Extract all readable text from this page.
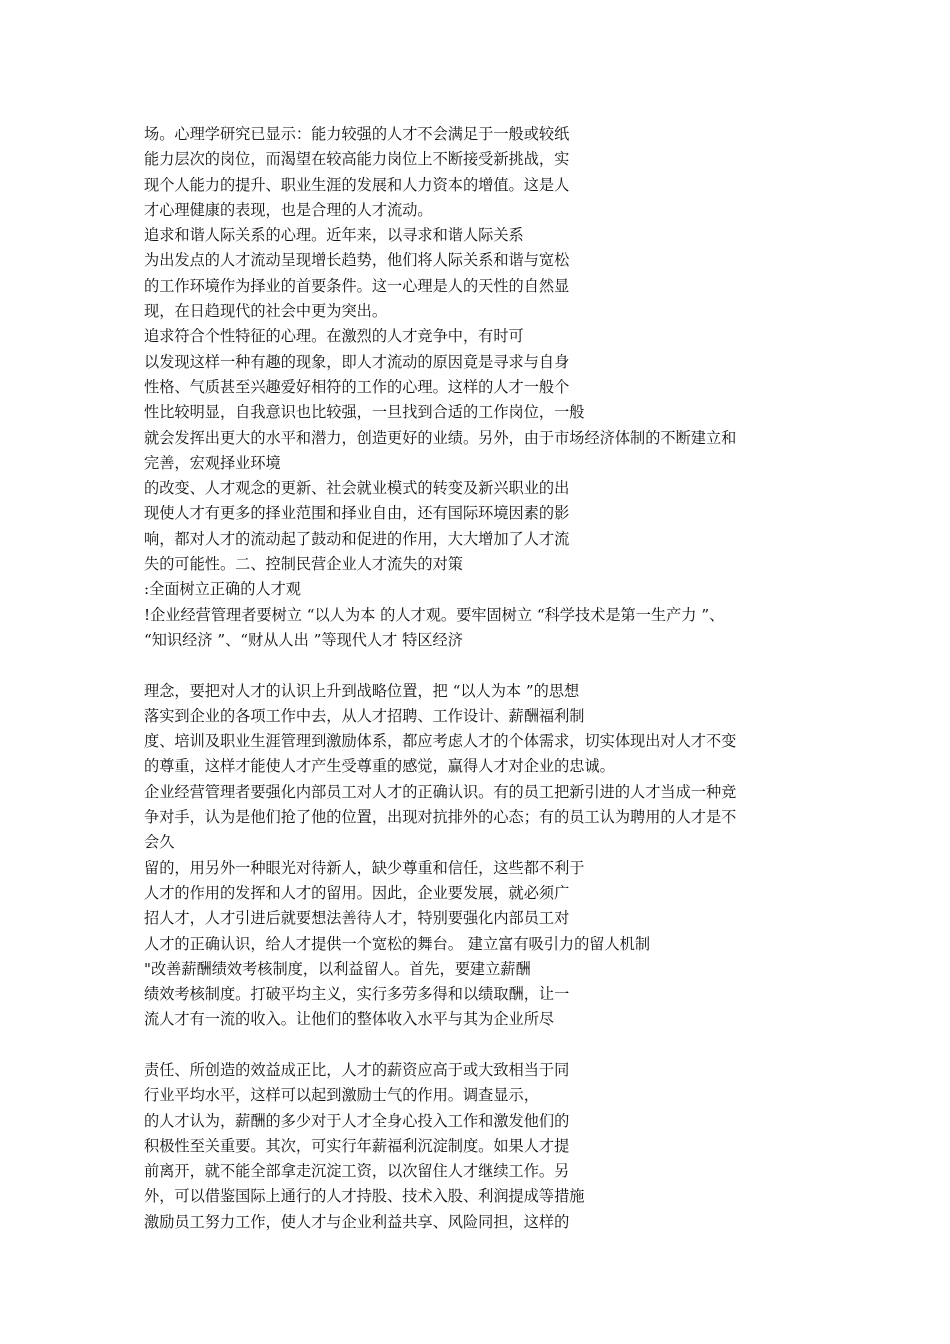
场。心理学研究已显示：能力较强的人才不会满足于一般或较纸
能力层次的岗位，而渴望在较高能力岗位上不断接受新挑战，实
现个人能力的提升、职业生涯的发展和人力资本的增值。这是人
才心理健康的表现，也是合理的人才流动。
追求和谐人际关系的心理。近年来，以寻求和谐人际关系
为出发点的人才流动呈现增长趋势，他们将人际关系和谐与宽松
的工作环境作为择业的首要条件。这一心理是人的天性的自然显
现，在日趋现代的社会中更为突出。
追求符合个性特征的心理。在激烈的人才竞争中，有时可
以发现这样一种有趣的现象，即人才流动的原因竟是寻求与自身
性格、气质甚至兴趣爱好相符的工作的心理。这样的人才一般个
性比较明显，自我意识也比较强，一旦找到合适的工作岗位，一般
就会发挥出更大的水平和潜力，创造更好的业绩。另外，由于市场经济体制的不断建立和
完善，宏观择业环境
的改变、人才观念的更新、社会就业模式的转变及新兴职业的出
现使人才有更多的择业范围和择业自由，还有国际环境因素的影
响，都对人才的流动起了鼓动和促进的作用，大大增加了人才流
失的可能性。二、控制民营企业人才流失的对策
:全面树立正确的人才观
!企业经营管理者要树立 “以人为本 的人才观。要牢固树立 “科学技术是第一生产力 ”、
“知识经济 ”、“财从人出 ”等现代人才 特区经济
理念，要把对人才的认识上升到战略位置，把 “以人为本 ”的思想
落实到企业的各项工作中去，从人才招聘、工作设计、薪酬福利制
度、培训及职业生涯管理到激励体系，都应考虑人才的个体需求，切实体现出对人才不变
的尊重，这样才能使人才产生受尊重的感觉，赢得人才对企业的忠诚。
企业经营管理者要强化内部员工对人才的正确认识。有的员工把新引进的人才当成一种竞
争对手，认为是他们抢了他的位置，出现对抗排外的心态；有的员工认为聘用的人才是不
会久
留的，用另外一种眼光对待新人，缺少尊重和信任，这些都不利于
人才的作用的发挥和人才的留用。因此，企业要发展，就必须广
招人才，人才引进后就要想法善待人才，特别要强化内部员工对
人才的正确认识，给人才提供一个宽松的舞台。 建立富有吸引力的留人机制
"改善薪酬绩效考核制度，以利益留人。首先，要建立薪酬
绩效考核制度。打破平均主义，实行多劳多得和以绩取酬，让一
流人才有一流的收入。让他们的整体收入水平与其为企业所尽
责任、所创造的效益成正比，人才的薪资应高于或大致相当于同
行业平均水平，这样可以起到激励士气的作用。调查显示，
的人才认为，薪酬的多少对于人才全身心投入工作和激发他们的
积极性至关重要。其次，可实行年薪福利沉淀制度。如果人才提
前离开，就不能全部拿走沉淀工资，以次留住人才继续工作。另
外，可以借鉴国际上通行的人才持股、技术入股、利润提成等措施
激励员工努力工作，使人才与企业利益共享、风险同担，这样的
